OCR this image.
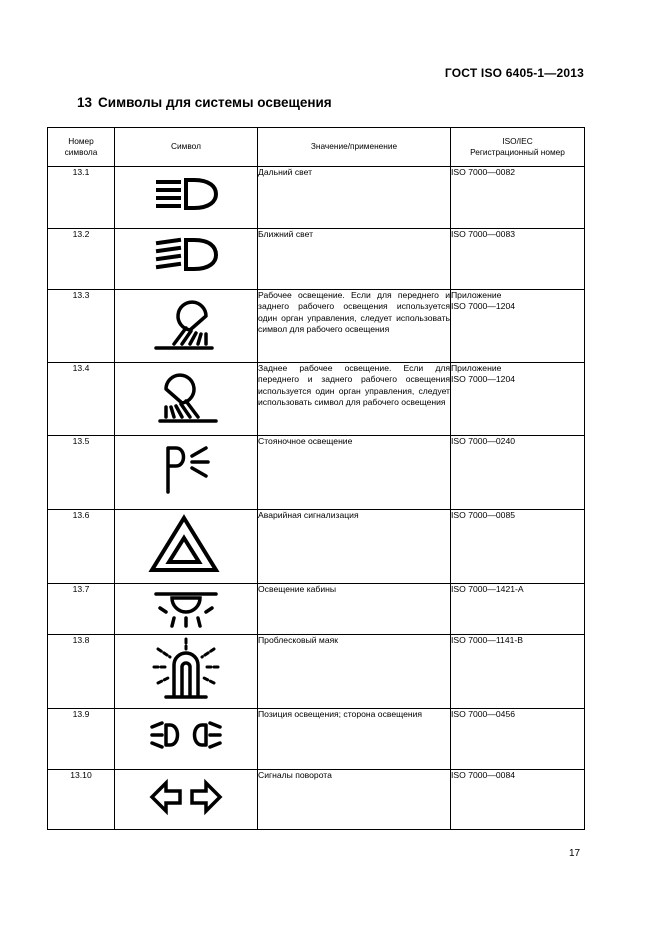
ГОСТ ISO 6405-1—2013
13 Символы для системы освещения
Номер
символа	Символ	Значение/применение	ISO/IEC
Регистрационный номер
13.1		Дальний свет	ISO 7000—0082
13.2		Ближний свет	ISO 7000—0083
13.3		Рабочее освещение. Если для переднего и заднего рабочего освещения используется один орган управления, следует использовать символ для рабочего освещения	Приложение
ISO 7000—1204
13.4		Заднее рабочее освещение. Если для переднего и заднего рабочего освещения используется один орган управления, следует использовать символ для рабочего освещения	Приложение
ISO 7000—1204
13.5		Стояночное освещение	ISO 7000—0240
13.6		Аварийная сигнализация	ISO 7000—0085
13.7		Освещение кабины	ISO 7000—1421-A
13.8		Проблесковый маяк	ISO 7000—1141-B
13.9		Позиция освещения; сторона освещения	ISO 7000—0456
13.10		Сигналы поворота	ISO 7000—0084
17
